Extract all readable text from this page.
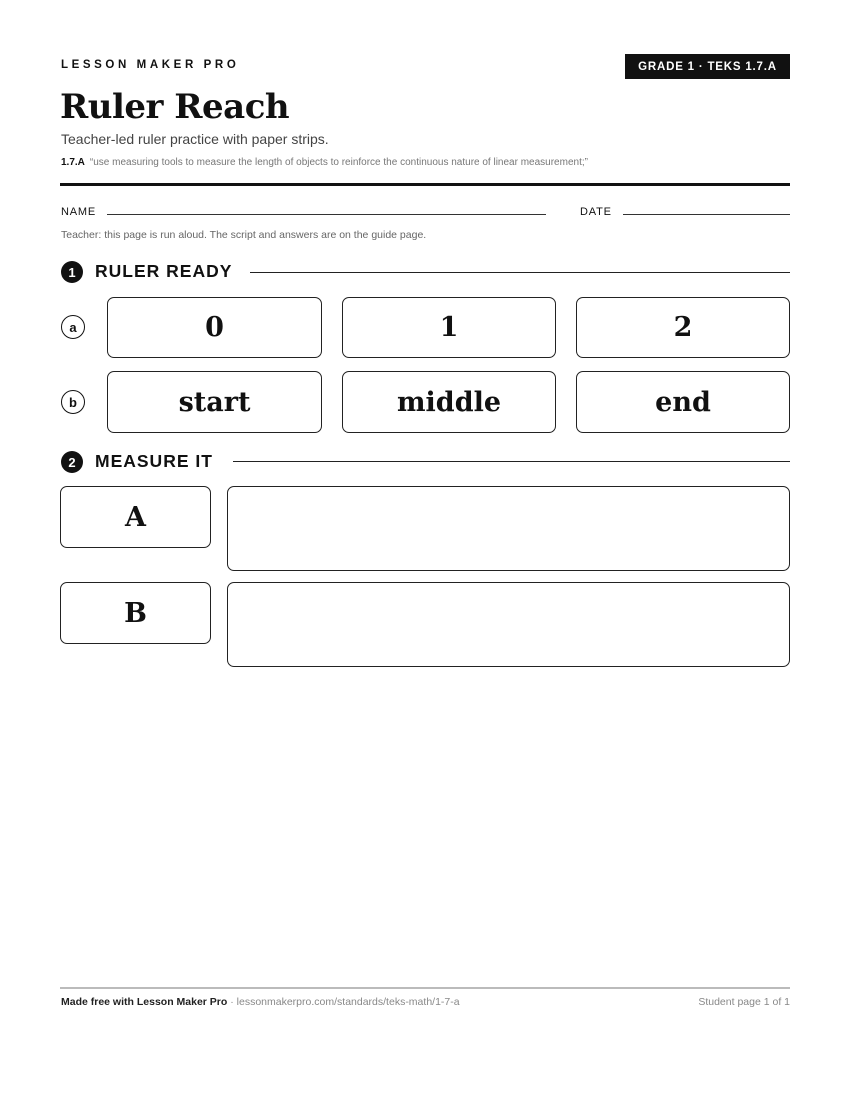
LESSON MAKER PRO	GRADE 1 · TEKS 1.7.A
Ruler Reach
Teacher-led ruler practice with paper strips.
1.7.A “use measuring tools to measure the length of objects to reinforce the continuous nature of linear measurement;”
NAME	DATE
Teacher: this page is run aloud. The script and answers are on the guide page.
1	RULER READY
a	0	1	2
b	start	middle	end
2	MEASURE IT
A
B
Made free with Lesson Maker Pro · lessonmakerpro.com/standards/teks-math/1-7-a	Student page 1 of 1
